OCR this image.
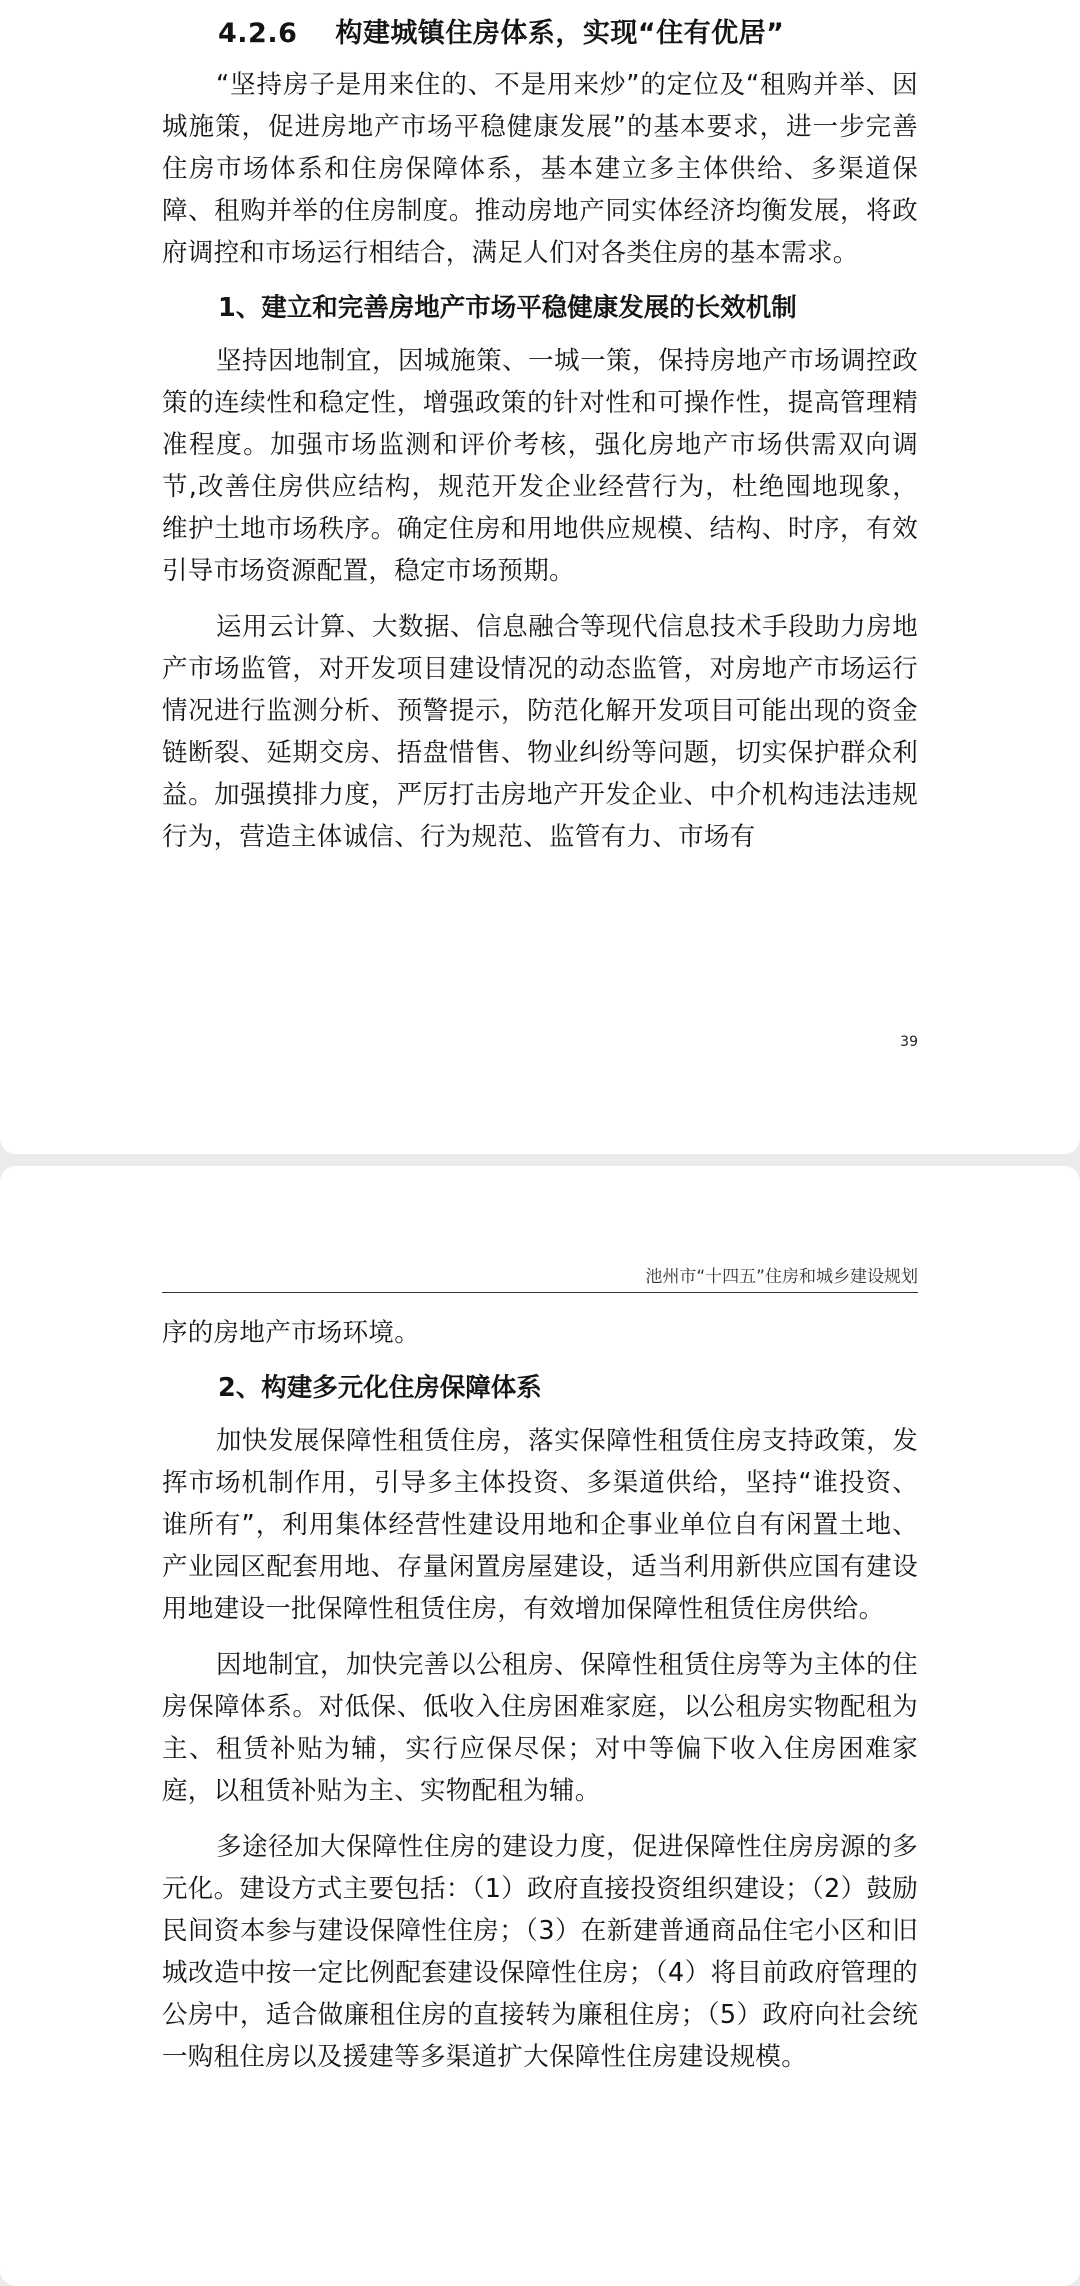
4.2.6 构建城镇住房体系，实现“住有优居”

“坚持房子是用来住的、不是用来炒”的定位及“租购并举、因城施策，促进房地产市场平稳健康发展”的基本要求，进一步完善住房市场体系和住房保障体系，基本建立多主体供给、多渠道保障、租购并举的住房制度。推动房地产同实体经济均衡发展，将政府调控和市场运行相结合，满足人们对各类住房的基本需求。

1、建立和完善房地产市场平稳健康发展的长效机制

坚持因地制宜，因城施策、一城一策，保持房地产市场调控政策的连续性和稳定性，增强政策的针对性和可操作性，提高管理精准程度。加强市场监测和评价考核，强化房地产市场供需双向调节,改善住房供应结构，规范开发企业经营行为，杜绝囤地现象，维护土地市场秩序。确定住房和用地供应规模、结构、时序，有效引导市场资源配置，稳定市场预期。

运用云计算、大数据、信息融合等现代信息技术手段助力房地产市场监管，对开发项目建设情况的动态监管，对房地产市场运行情况进行监测分析、预警提示，防范化解开发项目可能出现的资金链断裂、延期交房、捂盘惜售、物业纠纷等问题，切实保护群众利益。加强摸排力度，严厉打击房地产开发企业、中介机构违法违规行为，营造主体诚信、行为规范、监管有力、市场有

39
池州市“十四五”住房和城乡建设规划

序的房地产市场环境。

2、构建多元化住房保障体系

加快发展保障性租赁住房，落实保障性租赁住房支持政策，发挥市场机制作用，引导多主体投资、多渠道供给，坚持“谁投资、谁所有”，利用集体经营性建设用地和企事业单位自有闲置土地、产业园区配套用地、存量闲置房屋建设，适当利用新供应国有建设用地建设一批保障性租赁住房，有效增加保障性租赁住房供给。

因地制宜，加快完善以公租房、保障性租赁住房等为主体的住房保障体系。对低保、低收入住房困难家庭，以公租房实物配租为主、租赁补贴为辅，实行应保尽保；对中等偏下收入住房困难家庭，以租赁补贴为主、实物配租为辅。

多途径加大保障性住房的建设力度，促进保障性住房房源的多元化。建设方式主要包括：（1）政府直接投资组织建设；（2）鼓励民间资本参与建设保障性住房；（3）在新建普通商品住宅小区和旧城改造中按一定比例配套建设保障性住房；（4）将目前政府管理的公房中，适合做廉租住房的直接转为廉租住房；（5）政府向社会统一购租住房以及援建等多渠道扩大保障性住房建设规模。
